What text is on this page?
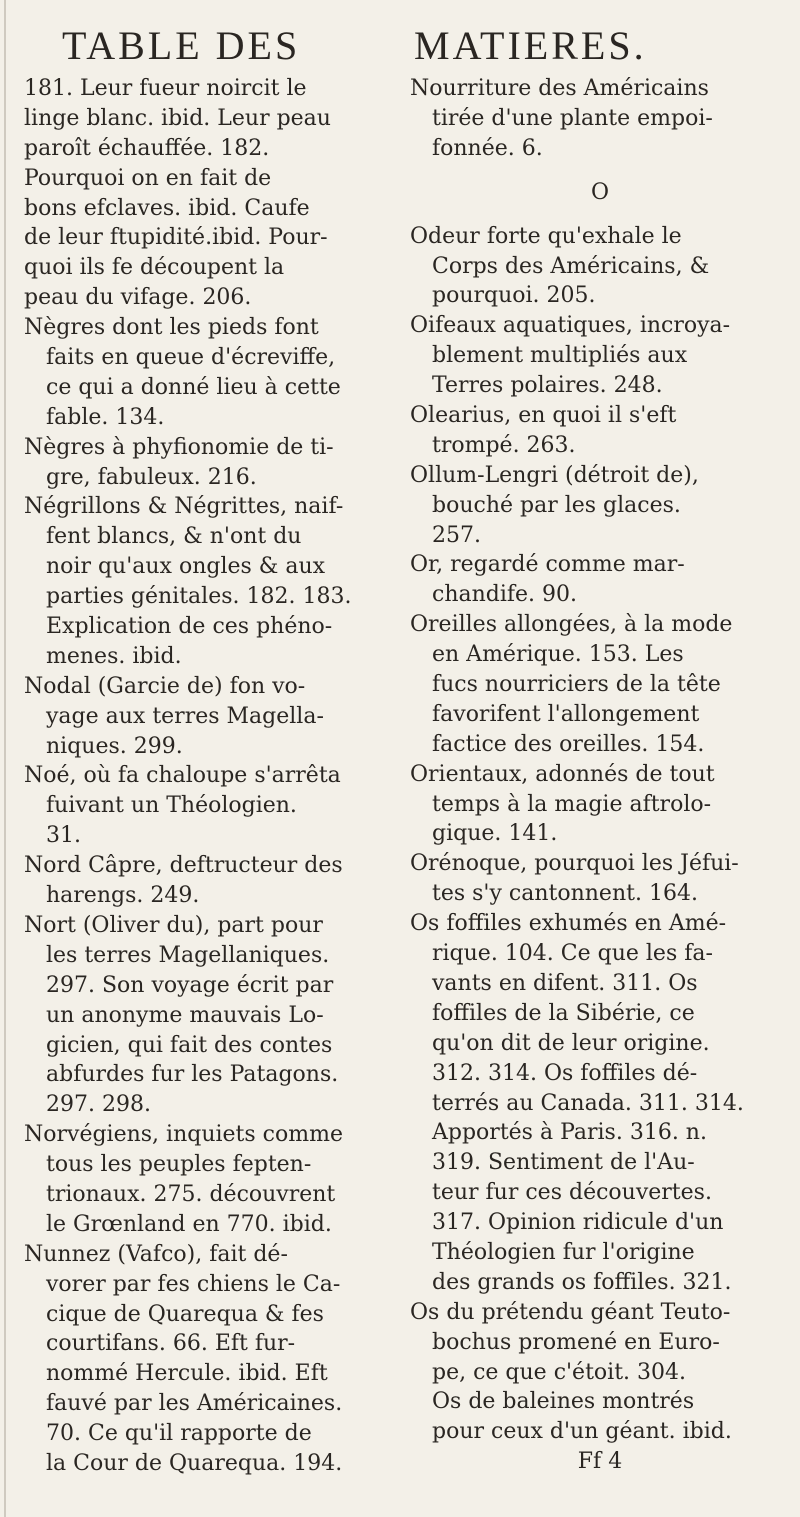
TABLE DES	MATIERES.
181. Leur fueur noircit le
linge blanc. ibid. Leur peau
paroît échauffée. 182.
Pourquoi on en fait de
bons efclaves. ibid. Caufe
de leur ftupidité.ibid. Pour-
quoi ils fe découpent la
peau du vifage. 206.
Nègres dont les pieds font
faits en queue d'écreviffe,
ce qui a donné lieu à cette
fable. 134.
Nègres à phyfionomie de ti-
gre, fabuleux. 216.
Négrillons & Négrittes, naif-
fent blancs, & n'ont du
noir qu'aux ongles & aux
parties génitales. 182. 183.
Explication de ces phéno-
menes. ibid.
Nodal (Garcie de) fon vo-
yage aux terres Magella-
niques. 299.
Noé, où fa chaloupe s'arrêta
fuivant un Théologien.
31.
Nord Câpre, deftructeur des
harengs. 249.
Nort (Oliver du), part pour
les terres Magellaniques.
297. Son voyage écrit par
un anonyme mauvais Lo-
gicien, qui fait des contes
abfurdes fur les Patagons.
297. 298.
Norvégiens, inquiets comme
tous les peuples fepten-
trionaux. 275. découvrent
le Grœnland en 770. ibid.
Nunnez (Vafco), fait dé-
vorer par fes chiens le Ca-
cique de Quarequa & fes
courtifans. 66. Eft fur-
nommé Hercule. ibid. Eft
fauvé par les Américaines.
70. Ce qu'il rapporte de
la Cour de Quarequa. 194.
Nourriture des Américains
tirée d'une plante empoi-
fonnée. 6.
O
Odeur forte qu'exhale le
Corps des Américains, &
pourquoi. 205.
Oifeaux aquatiques, incroya-
blement multipliés aux
Terres polaires. 248.
Olearius, en quoi il s'eft
trompé. 263.
Ollum-Lengri (détroit de),
bouché par les glaces.
257.
Or, regardé comme mar-
chandife. 90.
Oreilles allongées, à la mode
en Amérique. 153. Les
fucs nourriciers de la tête
favorifent l'allongement
factice des oreilles. 154.
Orientaux, adonnés de tout
temps à la magie aftrolo-
gique. 141.
Orénoque, pourquoi les Jéfui-
tes s'y cantonnent. 164.
Os foffiles exhumés en Amé-
rique. 104. Ce que les fa-
vants en difent. 311. Os
foffiles de la Sibérie, ce
qu'on dit de leur origine.
312. 314. Os foffiles dé-
terrés au Canada. 311. 314.
Apportés à Paris. 316. n.
319. Sentiment de l'Au-
teur fur ces découvertes.
317. Opinion ridicule d'un
Théologien fur l'origine
des grands os foffiles. 321.
Os du prétendu géant Teuto-
bochus promené en Euro-
pe, ce que c'étoit. 304.
Os de baleines montrés
pour ceux d'un géant. ibid.
Ff 4
